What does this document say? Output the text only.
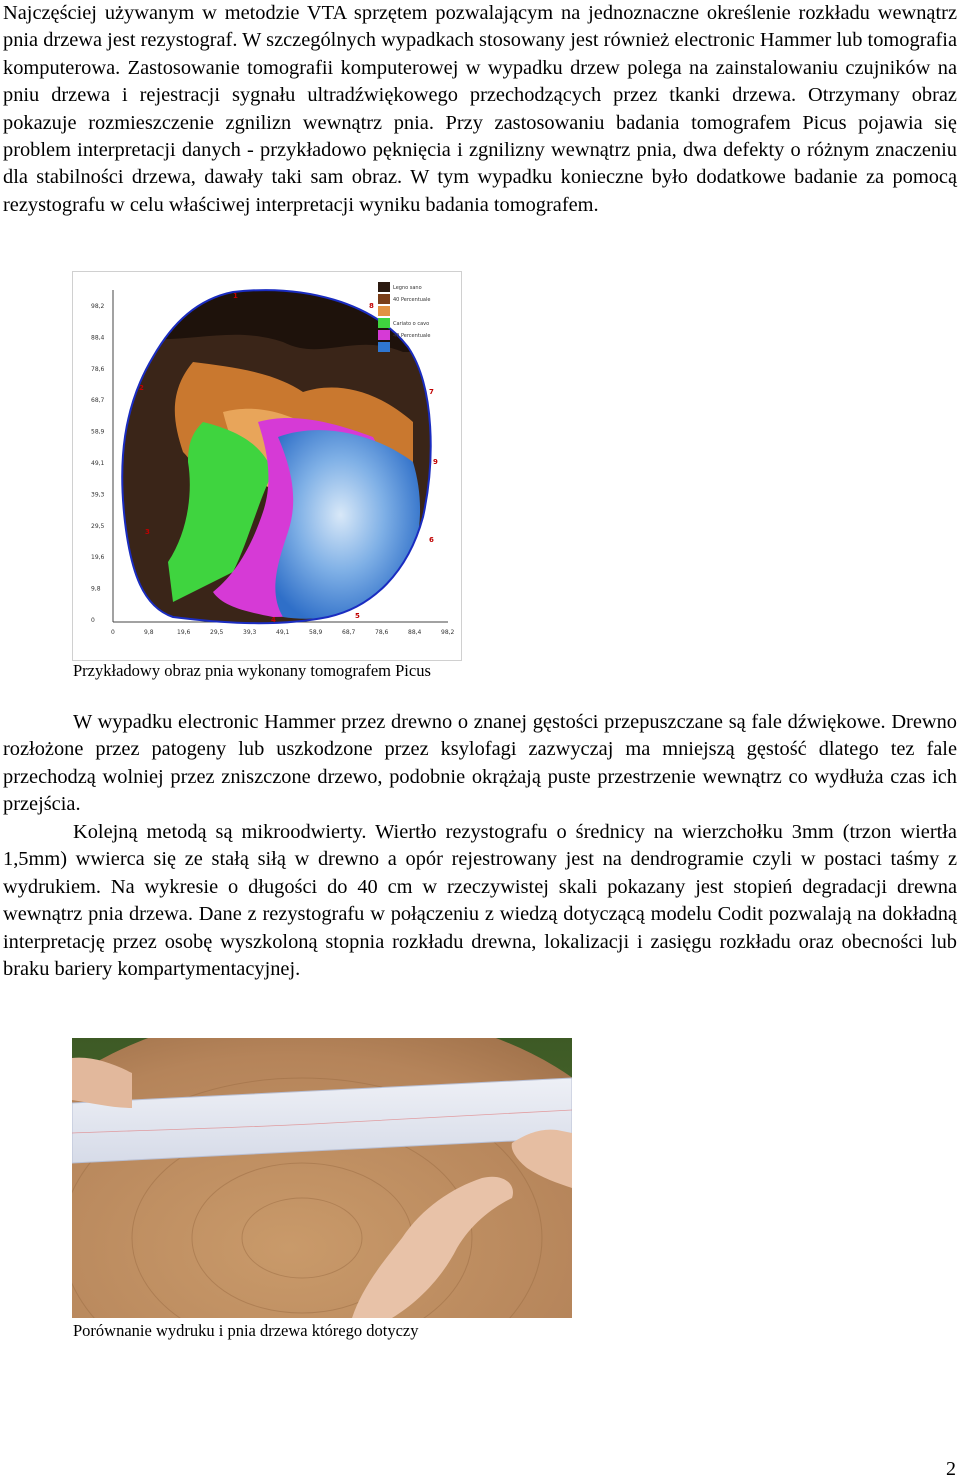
Najczęściej używanym w metodzie VTA sprzętem pozwalającym na jednoznaczne określenie rozkładu wewnątrz pnia drzewa jest rezystograf. W szczególnych wypadkach stosowany jest również electronic Hammer lub tomografia komputerowa. Zastosowanie tomografii komputerowej w wypadku drzew polega na zainstalowaniu czujników na pniu drzewa i rejestracji sygnału ultradźwiękowego przechodzących przez tkanki drzewa. Otrzymany obraz pokazuje rozmieszczenie zgnilizn wewnątrz pnia. Przy zastosowaniu badania tomografem Picus pojawia się problem interpretacji danych - przykładowo pęknięcia i zgnilizny wewnątrz pnia, dwa defekty o różnym znaczeniu dla stabilności drzewa, dawały taki sam obraz. W tym wypadku konieczne było dodatkowe badanie za pomocą rezystografu w celu właściwej interpretacji wyniku badania tomografem.

98,2
88,4
78,6
68,7
58,9
49,1
39,3
29,5
19,6
9,8
0
0	9,8	19,6	29,5	39,3	49,1	58,9	68,7	78,6	88,4	98,2
1
2
3
4	5
6
7
8
9
Legno sano
40 Percentuale
Cariato o cavo
40 Percentuale
Przykładowy obraz pnia wykonany tomografem Picus

W wypadku electronic Hammer przez drewno o znanej gęstości przepuszczane są fale dźwiękowe. Drewno rozłożone przez patogeny lub uszkodzone przez ksylofagi zazwyczaj ma mniejszą gęstość dlatego tez fale przechodzą wolniej przez zniszczone drzewo, podobnie okrążają puste przestrzenie wewnątrz co wydłuża czas ich przejścia.

Kolejną metodą są mikroodwierty. Wiertło rezystografu o średnicy na wierzchołku 3mm (trzon wiertła 1,5mm) wwierca się ze stałą siłą w drewno a opór rejestrowany jest na dendrogramie czyli w postaci taśmy z wydrukiem. Na wykresie o długości do 40 cm w rzeczywistej skali pokazany jest stopień degradacji drewna wewnątrz pnia drzewa. Dane z rezystografu w połączeniu z wiedzą dotyczącą modelu Codit pozwalają na dokładną interpretację przez osobę wyszkoloną stopnia rozkładu drewna, lokalizacji i zasięgu rozkładu oraz obecności lub braku bariery kompartymentacyjnej.

Porównanie wydruku i pnia drzewa którego dotyczy
2
